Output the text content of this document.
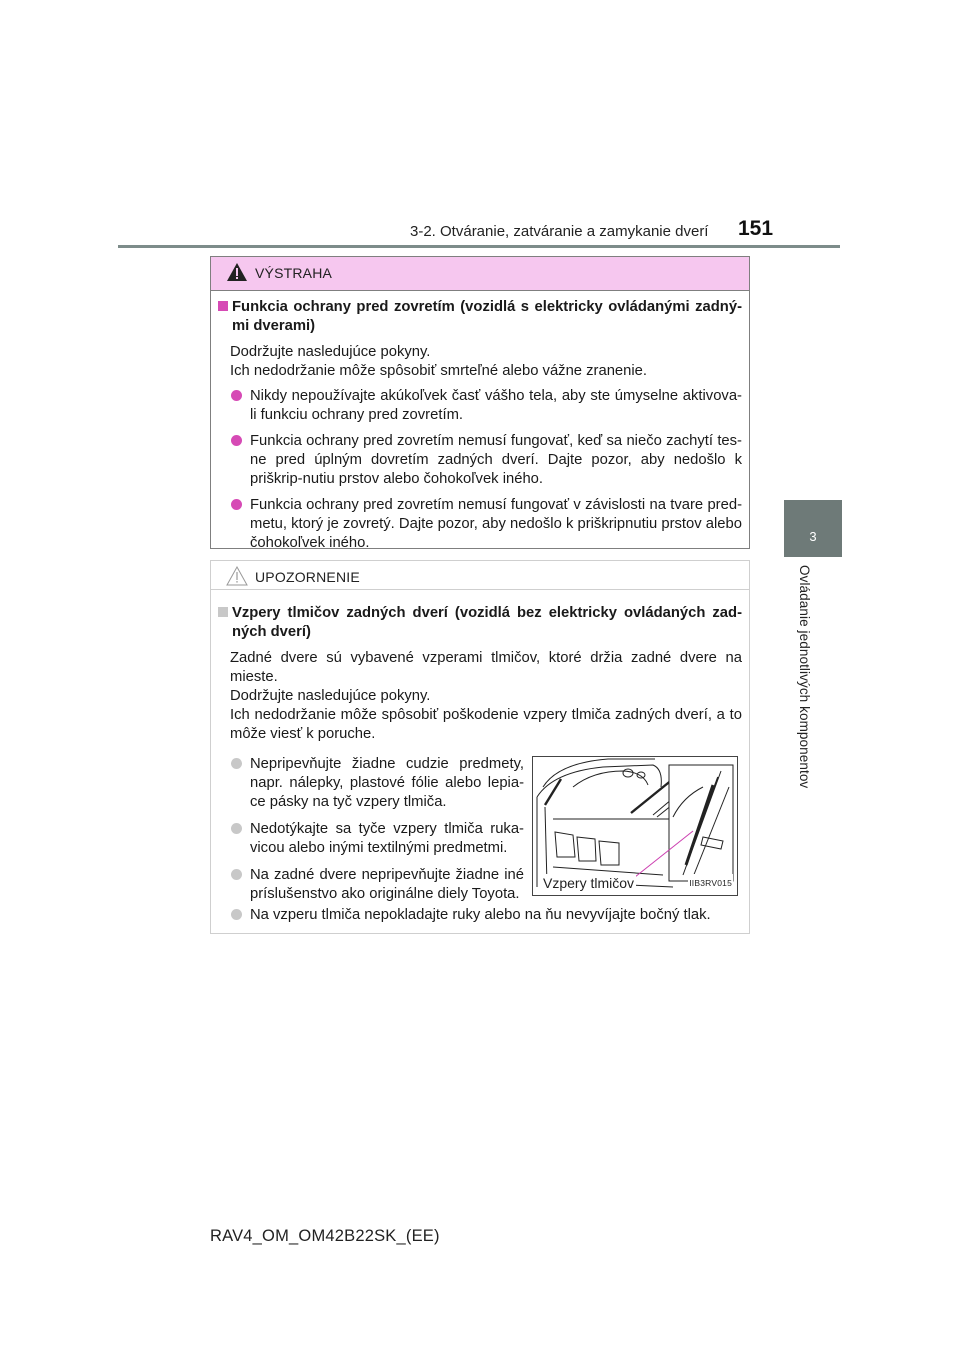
3-2. Otváranie, zatváranie a zamykanie dverí 151
3
Ovládanie jednotlivých komponentov
VÝSTRAHA

Funkcia ochrany pred zovretím (vozidlá s elektricky ovládanými zadný-mi dverami)

Dodržujte nasledujúce pokyny.

Ich nedodržanie môže spôsobiť smrteľné alebo vážne zranenie.

Nikdy nepoužívajte akúkoľvek časť vášho tela, aby ste úmyselne aktivova-li funkciu ochrany pred zovretím.

Funkcia ochrany pred zovretím nemusí fungovať, keď sa niečo zachytí tes-ne pred úplným dovretím zadných dverí. Dajte pozor, aby nedošlo k priškrip-nutiu prstov alebo čohokoľvek iného.

Funkcia ochrany pred zovretím nemusí fungovať v závislosti na tvare pred-metu, ktorý je zovretý. Dajte pozor, aby nedošlo k priškripnutiu prstov alebo čohokoľvek iného.

UPOZORNENIE

Vzpery tlmičov zadných dverí (vozidlá bez elektricky ovládaných zad-ných dverí)

Zadné dvere sú vybavené vzperami tlmičov, ktoré držia zadné dvere na mieste.

Dodržujte nasledujúce pokyny.

Ich nedodržanie môže spôsobiť poškodenie vzpery tlmiča zadných dverí, a to môže viesť k poruche.

Nepripevňujte žiadne cudzie predmety, napr. nálepky, plastové fólie alebo lepia-ce pásky na tyč vzpery tlmiča.

Nedotýkajte sa tyče vzpery tlmiča ruka-vicou alebo inými textilnými predmetmi.

Na zadné dvere nepripevňujte žiadne iné príslušenstvo ako originálne diely Toyota.

Vzpery tlmičov	IIB3RV015

Na vzperu tlmiča nepokladajte ruky alebo na ňu nevyvíjajte bočný tlak.

RAV4_OM_OM42B22SK_(EE)
